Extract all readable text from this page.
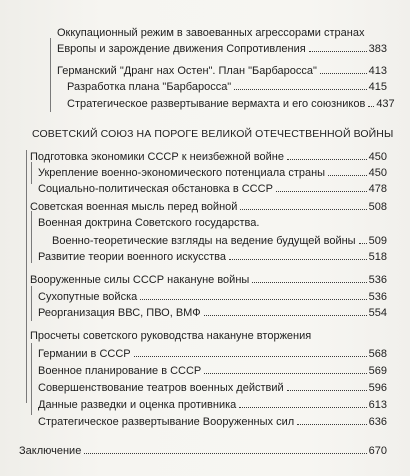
Оккупационный режим в завоеванных агрессорами странах
Европы и зарождение движения Сопротивления	383
Германский "Дранг нах Остен". План "Барбаросса"	413
Разработка плана "Барбаросса"	415
Стратегическое развертывание вермахта и его союзников 437
СОВЕТСКИЙ СОЮЗ НА ПОРОГЕ ВЕЛИКОЙ ОТЕЧЕСТВЕННОЙ ВОЙНЫ
Подготовка экономики СССР к неизбежной войне	450
Укрепление военно-экономического потенциала страны	450
Социально-политическая обстановка в СССР	478
Советская военная мысль перед войной	508
Военная доктрина Советского государства.
Военно-теоретические взгляды на ведение будущей войны 509
Развитие теории военного искусства	518
Вооруженные силы СССР накануне войны	536
Сухопутные войска	536
Реорганизация ВВС, ПВО, ВМФ	554
Просчеты советского руководства накануне вторжения
Германии в СССР	568
Военное планирование в СССР	569
Совершенствование театров военных действий	596
Данные разведки и оценка противника	613
Стратегическое развертывание Вооруженных сил	636
Заключение	670
